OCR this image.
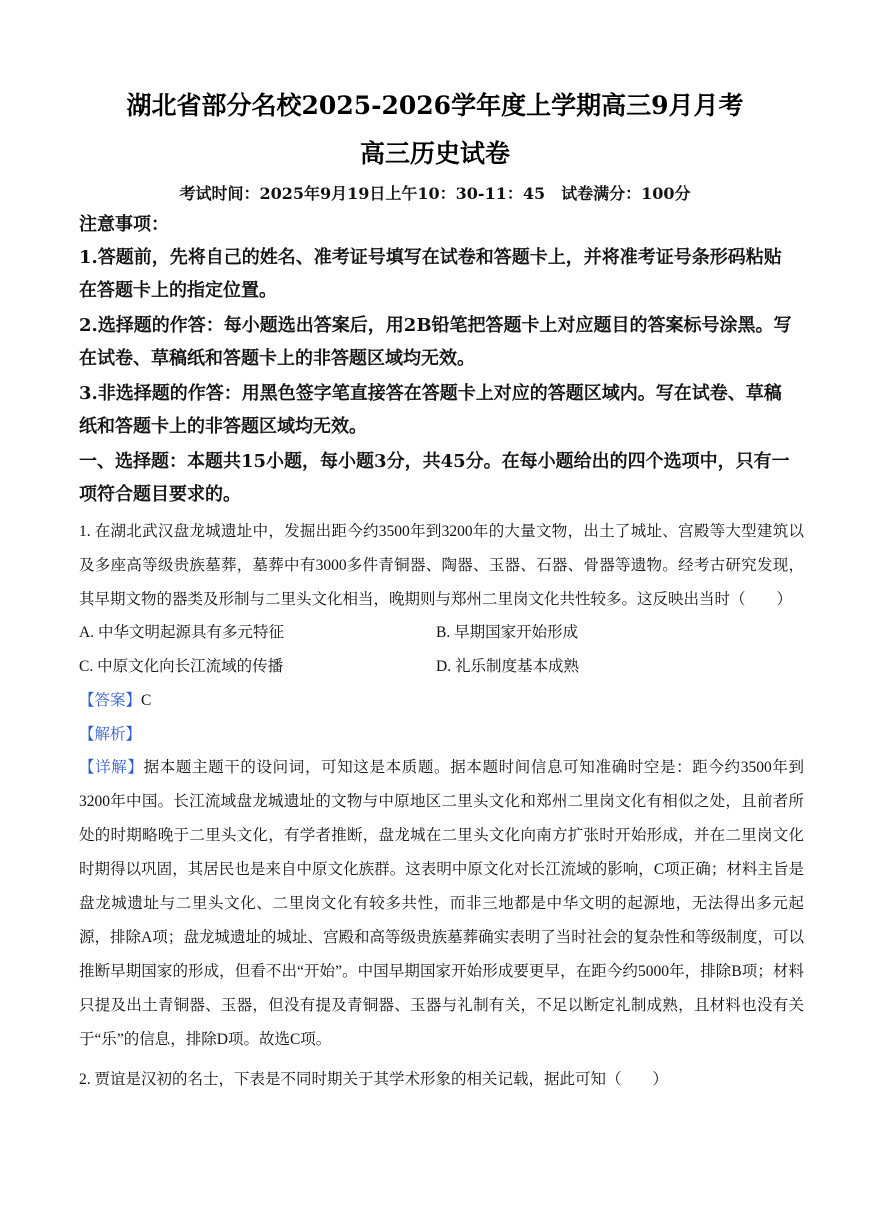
湖北省部分名校2025-2026学年度上学期高三9月月考
高三历史试卷
考试时间：2025年9月19日上午10：30-11：45　试卷满分：100分

注意事项：

1.答题前，先将自己的姓名、准考证号填写在试卷和答题卡上，并将准考证号条形码粘贴在答题卡上的指定位置。

2.选择题的作答：每小题选出答案后，用2B铅笔把答题卡上对应题目的答案标号涂黑。写在试卷、草稿纸和答题卡上的非答题区域均无效。

3.非选择题的作答：用黑色签字笔直接答在答题卡上对应的答题区域内。写在试卷、草稿纸和答题卡上的非答题区域均无效。

一、选择题：本题共15小题，每小题3分，共45分。在每小题给出的四个选项中，只有一项符合题目要求的。

1. 在湖北武汉盘龙城遗址中，发掘出距今约3500年到3200年的大量文物，出土了城址、宫殿等大型建筑以及多座高等级贵族墓葬，墓葬中有3000多件青铜器、陶器、玉器、石器、骨器等遗物。经考古研究发现，其早期文物的器类及形制与二里头文化相当，晚期则与郑州二里岗文化共性较多。这反映出当时（　　）

A. 中华文明起源具有多元特征	B. 早期国家开始形成
C. 中原文化向长江流域的传播	D. 礼乐制度基本成熟
【答案】C
【解析】

【详解】据本题主题干的设问词，可知这是本质题。据本题时间信息可知准确时空是：距今约3500年到3200年中国。长江流域盘龙城遗址的文物与中原地区二里头文化和郑州二里岗文化有相似之处，且前者所处的时期略晚于二里头文化，有学者推断，盘龙城在二里头文化向南方扩张时开始形成，并在二里岗文化时期得以巩固，其居民也是来自中原文化族群。这表明中原文化对长江流域的影响，C项正确；材料主旨是盘龙城遗址与二里头文化、二里岗文化有较多共性，而非三地都是中华文明的起源地，无法得出多元起源，排除A项；盘龙城遗址的城址、宫殿和高等级贵族墓葬确实表明了当时社会的复杂性和等级制度，可以推断早期国家的形成，但看不出“开始”。中国早期国家开始形成要更早，在距今约5000年，排除B项；材料只提及出土青铜器、玉器，但没有提及青铜器、玉器与礼制有关，不足以断定礼制成熟，且材料也没有关于“乐”的信息，排除D项。故选C项。

2. 贾谊是汉初的名士，下表是不同时期关于其学术形象的相关记载，据此可知（　　）
